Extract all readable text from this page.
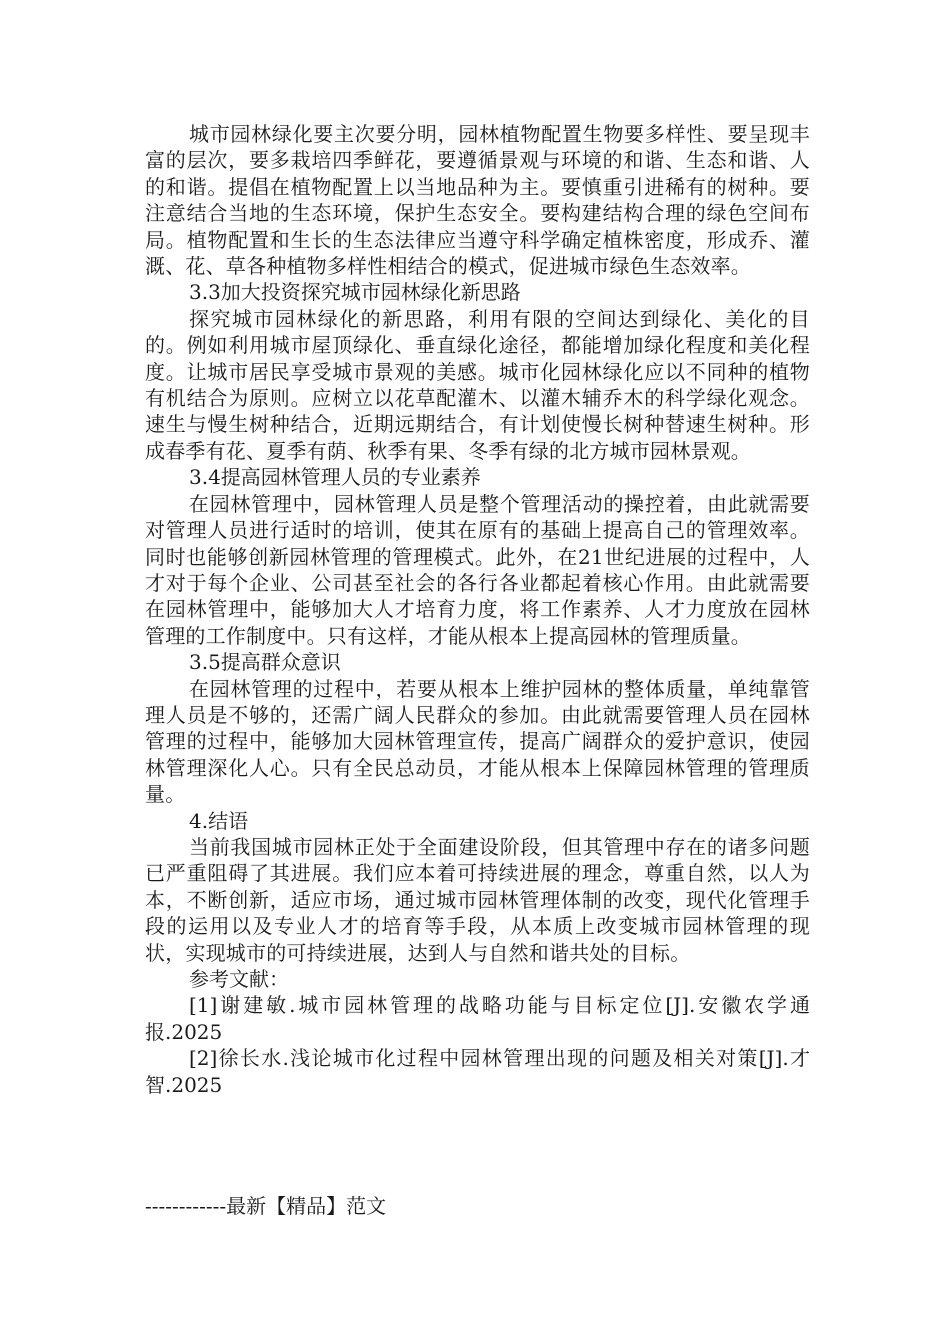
城市园林绿化要主次要分明，园林植物配置生物要多样性、要呈现丰富的层次，要多栽培四季鲜花，要遵循景观与环境的和谐、生态和谐、人的和谐。提倡在植物配置上以当地品种为主。要慎重引进稀有的树种。要注意结合当地的生态环境，保护生态安全。要构建结构合理的绿色空间布局。植物配置和生长的生态法律应当遵守科学确定植株密度，形成乔、灌溉、花、草各种植物多样性相结合的模式，促进城市绿色生态效率。

3.3加大投资探究城市园林绿化新思路

探究城市园林绿化的新思路，利用有限的空间达到绿化、美化的目的。例如利用城市屋顶绿化、垂直绿化途径，都能增加绿化程度和美化程度。让城市居民享受城市景观的美感。城市化园林绿化应以不同种的植物有机结合为原则。应树立以花草配灌木、以灌木辅乔木的科学绿化观念。速生与慢生树种结合，近期远期结合，有计划使慢长树种替速生树种。形成春季有花、夏季有荫、秋季有果、冬季有绿的北方城市园林景观。

3.4提高园林管理人员的专业素养

在园林管理中，园林管理人员是整个管理活动的操控着，由此就需要对管理人员进行适时的培训，使其在原有的基础上提高自己的管理效率。同时也能够创新园林管理的管理模式。此外，在21世纪进展的过程中，人才对于每个企业、公司甚至社会的各行各业都起着核心作用。由此就需要在园林管理中，能够加大人才培育力度，将工作素养、人才力度放在园林管理的工作制度中。只有这样，才能从根本上提高园林的管理质量。

3.5提高群众意识

在园林管理的过程中，若要从根本上维护园林的整体质量，单纯靠管理人员是不够的，还需广阔人民群众的参加。由此就需要管理人员在园林管理的过程中，能够加大园林管理宣传，提高广阔群众的爱护意识，使园林管理深化人心。只有全民总动员，才能从根本上保障园林管理的管理质量。

4.结语

当前我国城市园林正处于全面建设阶段，但其管理中存在的诸多问题已严重阻碍了其进展。我们应本着可持续进展的理念，尊重自然，以人为本，不断创新，适应市场，通过城市园林管理体制的改变，现代化管理手段的运用以及专业人才的培育等手段，从本质上改变城市园林管理的现状，实现城市的可持续进展，达到人与自然和谐共处的目标。

参考文献：

[1]谢建敏.城市园林管理的战略功能与目标定位[J].安徽农学通报.2025

[2]徐长水.浅论城市化过程中园林管理出现的问题及相关对策[J].才智.2025

------------最新【精品】范文
